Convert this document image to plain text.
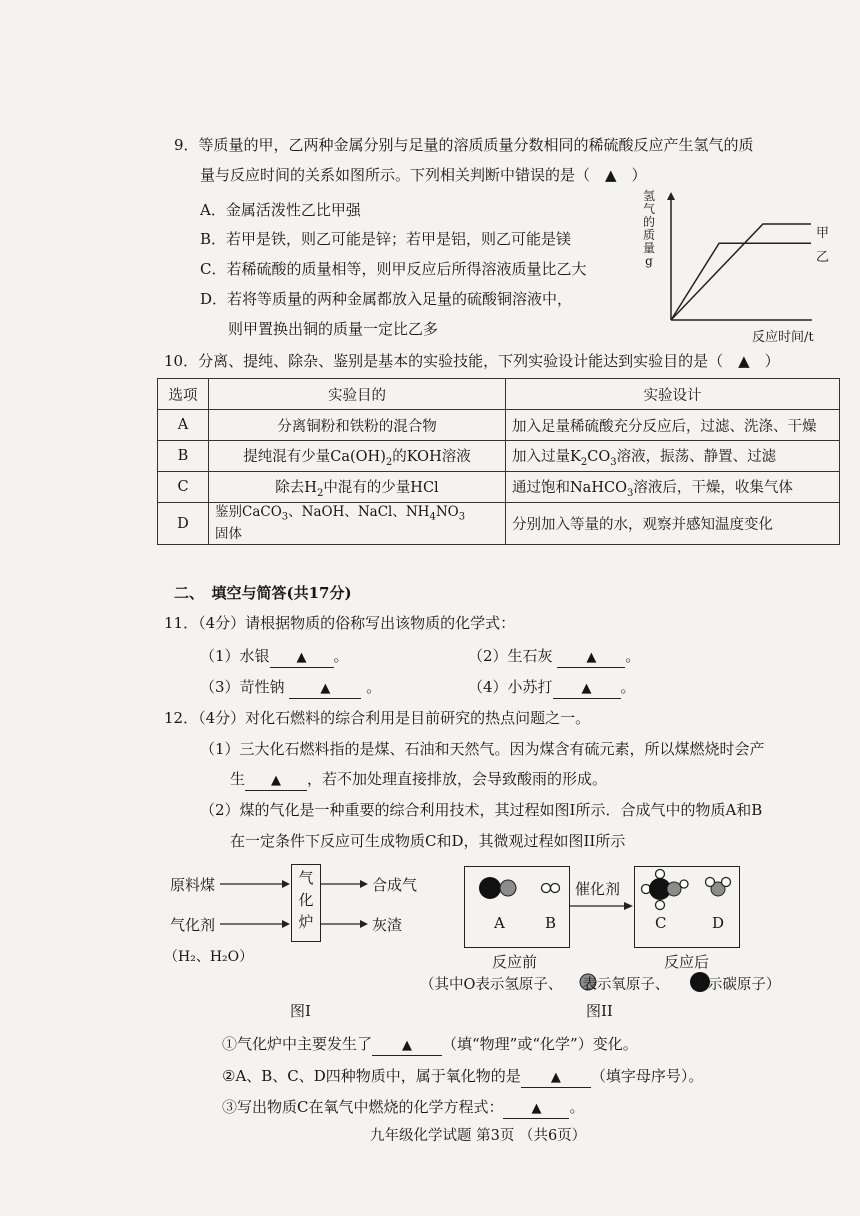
9．等质量的甲，乙两种金属分别与足量的溶质质量分数相同的稀硫酸反应产生氢气的质
量与反应时间的关系如图所示。下列相关判断中错误的是（　▲　）
A．金属活泼性乙比甲强
B．若甲是铁，则乙可能是锌；若甲是铝，则乙可能是镁
C．若稀硫酸的质量相等，则甲反应后所得溶液质量比乙大
D．若将等质量的两种金属都放入足量的硫酸铜溶液中，
则甲置换出铜的质量一定比乙多
氢
气
的
质
量
g
甲
乙
反应时间/t
10．分离、提纯、除杂、鉴别是基本的实验技能，下列实验设计能达到实验目的是（　▲　）
选项	实验目的	实验设计
A	分离铜粉和铁粉的混合物	加入足量稀硫酸充分反应后，过滤、洗涤、干燥
B	提纯混有少量$Ca(OH)_2$的KOH溶液	加入过量$K_2CO_3$溶液，振荡、静置、过滤
C	除去$H_2$中混有的少量HCl	通过饱和NaHCO$_3$溶液后，干燥，收集气体
D	鉴别CaCO$_3$、NaOH、NaCl、$NH_4NO_3$
固体	分别加入等量的水，观察并感知温度变化
二、　填空与简答(共17分)
11．（4分）请根据物质的俗称写出该物质的化学式：
（1）水银 ▲ 。	（2）生石灰	▲ 。
（3）苛性钠	▲ 。	（4）小苏打 ▲ 。
12．（4分）对化石燃料的综合利用是目前研究的热点问题之一。
（1）三大化石燃料指的是煤、石油和天然气。因为煤含有硫元素，所以煤燃烧时会产
生 ▲ ，若不加处理直接排放，会导致酸雨的形成。
（2）煤的气化是一种重要的综合利用技术，其过程如图I所示．合成气中的物质A和B
在一定条件下反应可生成物质C和D，其微观过程如图II所示
原料煤
气化剂
气
化
炉
合成气
灰渣
（H₂、H₂O）
图I
催化剂
A	B	C	D
反应前	反应后
（其中O表示氢原子、 表示氧原子、 表示碳原子）
图II
①气化炉中主要发生了 ▲ （填“物理”或“化学”）变化。
②A、B、C、D四种物质中，属于氧化物的是 ▲ （填字母序号）。
③写出物质C在氧气中燃烧的化学方程式： ▲ 。
九年级化学试题 第3页 （共6页）
